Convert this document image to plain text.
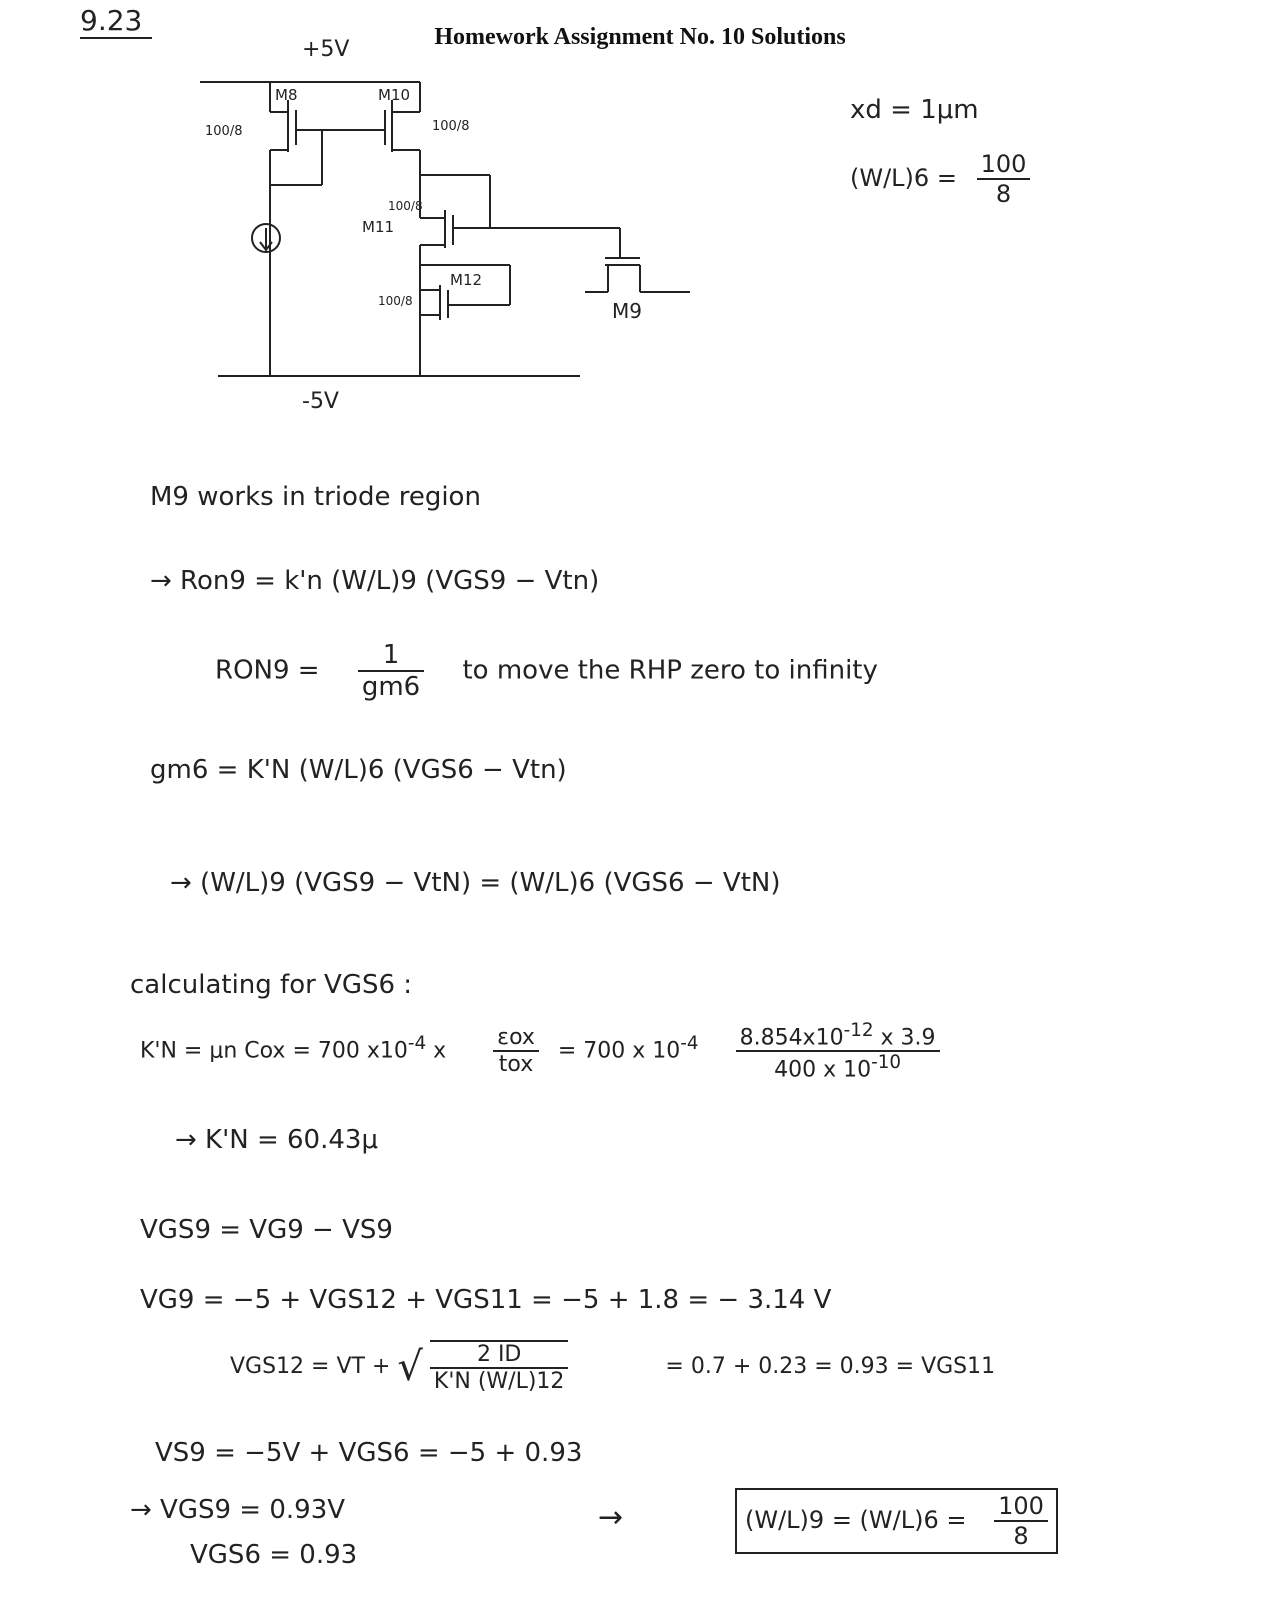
9.23	Homework Assignment No. 10 Solutions
+5V
-5V
M8
100/8
M10
100/8
M11
100/8
M12
100/8	M9
xd = 1μm
$(W/L)6 = \frac{100}{8}$
M9 works in triode region
→ Ron9 = k'n (W/L)9 (VGS9 − Vtn)
$RON9 = \frac{1}{gm6}$ to move the RHP zero to infinity
gm6 = K'N (W/L)6 (VGS6 − Vtn)
→ (W/L)9 (VGS9 − VtN) = (W/L)6 (VGS6 − VtN)
calculating for VGS6 :
K'N = μn Cox = 700 $x10^{-4}$ x $\frac{\text{εox}}{\text{tox}} = 700$ x $10^{-4} \frac{8.854x10^{-12} x 3.9}{400 x 10^{-10}}$
→ K'N = 60.43μ
VGS9 = VG9 − VS9
VG9 = −5 + VGS12 + VGS11 = −5 + 1.8 = − 3.14 V
VGS12 = VT + √ $\frac{2 ID}{K'N (W/L)12}$	= 0.7 + 0.23 = 0.93 = VGS11
VS9 = −5V + VGS6 = −5 + 0.93
→ VGS9 = 0.93V
VGS6 = 0.93
→	$(W/L)9 = (W/L)6 = \frac{100}{8}$
